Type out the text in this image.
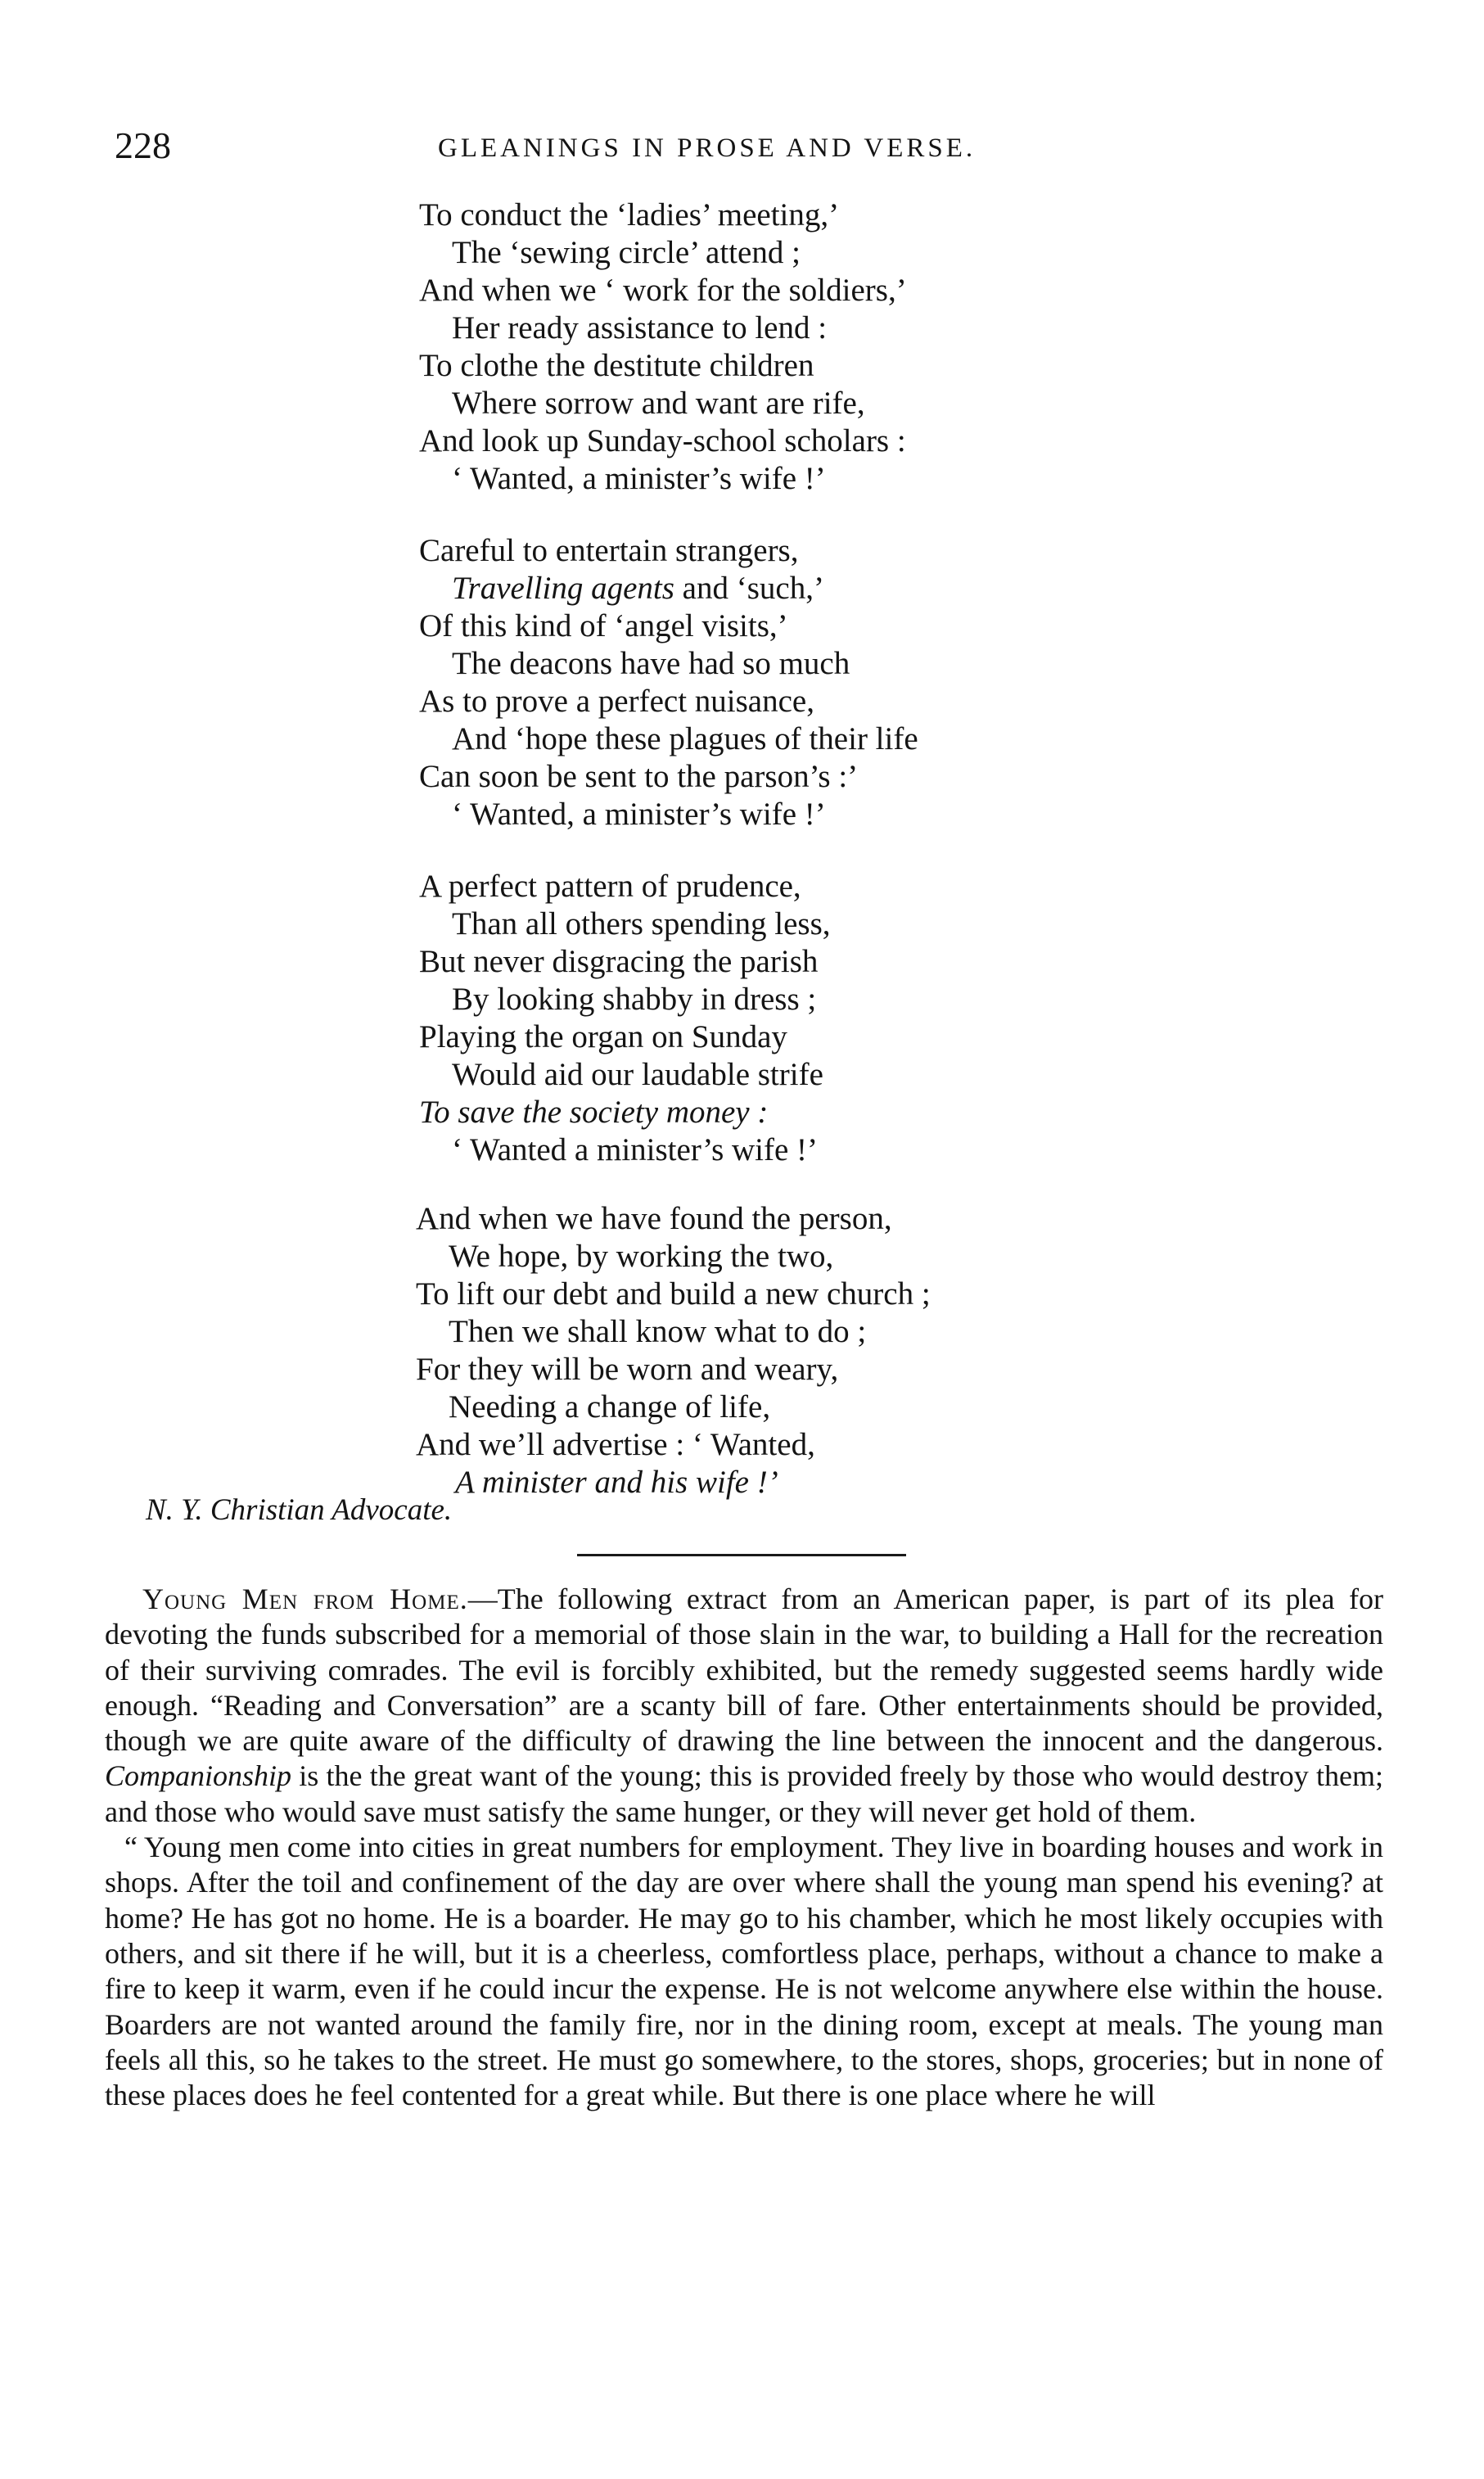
228	GLEANINGS IN PROSE AND VERSE.
To conduct the ‘ladies’ meeting,’
The ‘sewing circle’ attend ;
And when we ‘ work for the soldiers,’
Her ready assistance to lend :
To clothe the destitute children
Where sorrow and want are rife,
And look up Sunday-school scholars :
‘ Wanted, a minister’s wife !’
Careful to entertain strangers,
Travelling agents and ‘such,’
Of this kind of ‘angel visits,’
The deacons have had so much
As to prove a perfect nuisance,
And ‘hope these plagues of their life
Can soon be sent to the parson’s :’
‘ Wanted, a minister’s wife !’
A perfect pattern of prudence,
Than all others spending less,
But never disgracing the parish
By looking shabby in dress ;
Playing the organ on Sunday
Would aid our laudable strife
To save the society money :
‘ Wanted a minister’s wife !’
And when we have found the person,
We hope, by working the two,
To lift our debt and build a new church ;
Then we shall know what to do ;
For they will be worn and weary,
Needing a change of life,
And we’ll advertise : ‘ Wanted,
A minister and his wife !’
N. Y. Christian Advocate.

Young Men from Home.—The following extract from an American paper, is part of its plea for devoting the funds subscribed for a memorial of those slain in the war, to building a Hall for the recreation of their surviving comrades. The evil is forcibly exhibited, but the remedy suggested seems hardly wide enough. “Reading and Conversation” are a scanty bill of fare. Other entertainments should be provided, though we are quite aware of the difficulty of drawing the line between the innocent and the dangerous. Companionship is the the great want of the young; this is provided freely by those who would destroy them; and those who would save must satisfy the same hunger, or they will never get hold of them.

“ Young men come into cities in great numbers for employment. They live in boarding houses and work in shops. After the toil and confinement of the day are over where shall the young man spend his evening? at home? He has got no home. He is a boarder. He may go to his chamber, which he most likely occupies with others, and sit there if he will, but it is a cheerless, comfortless place, perhaps, without a chance to make a fire to keep it warm, even if he could incur the expense. He is not welcome anywhere else within the house. Boarders are not wanted around the family fire, nor in the dining room, except at meals. The young man feels all this, so he takes to the street. He must go somewhere, to the stores, shops, groceries; but in none of these places does he feel contented for a great while. But there is one place where he will
